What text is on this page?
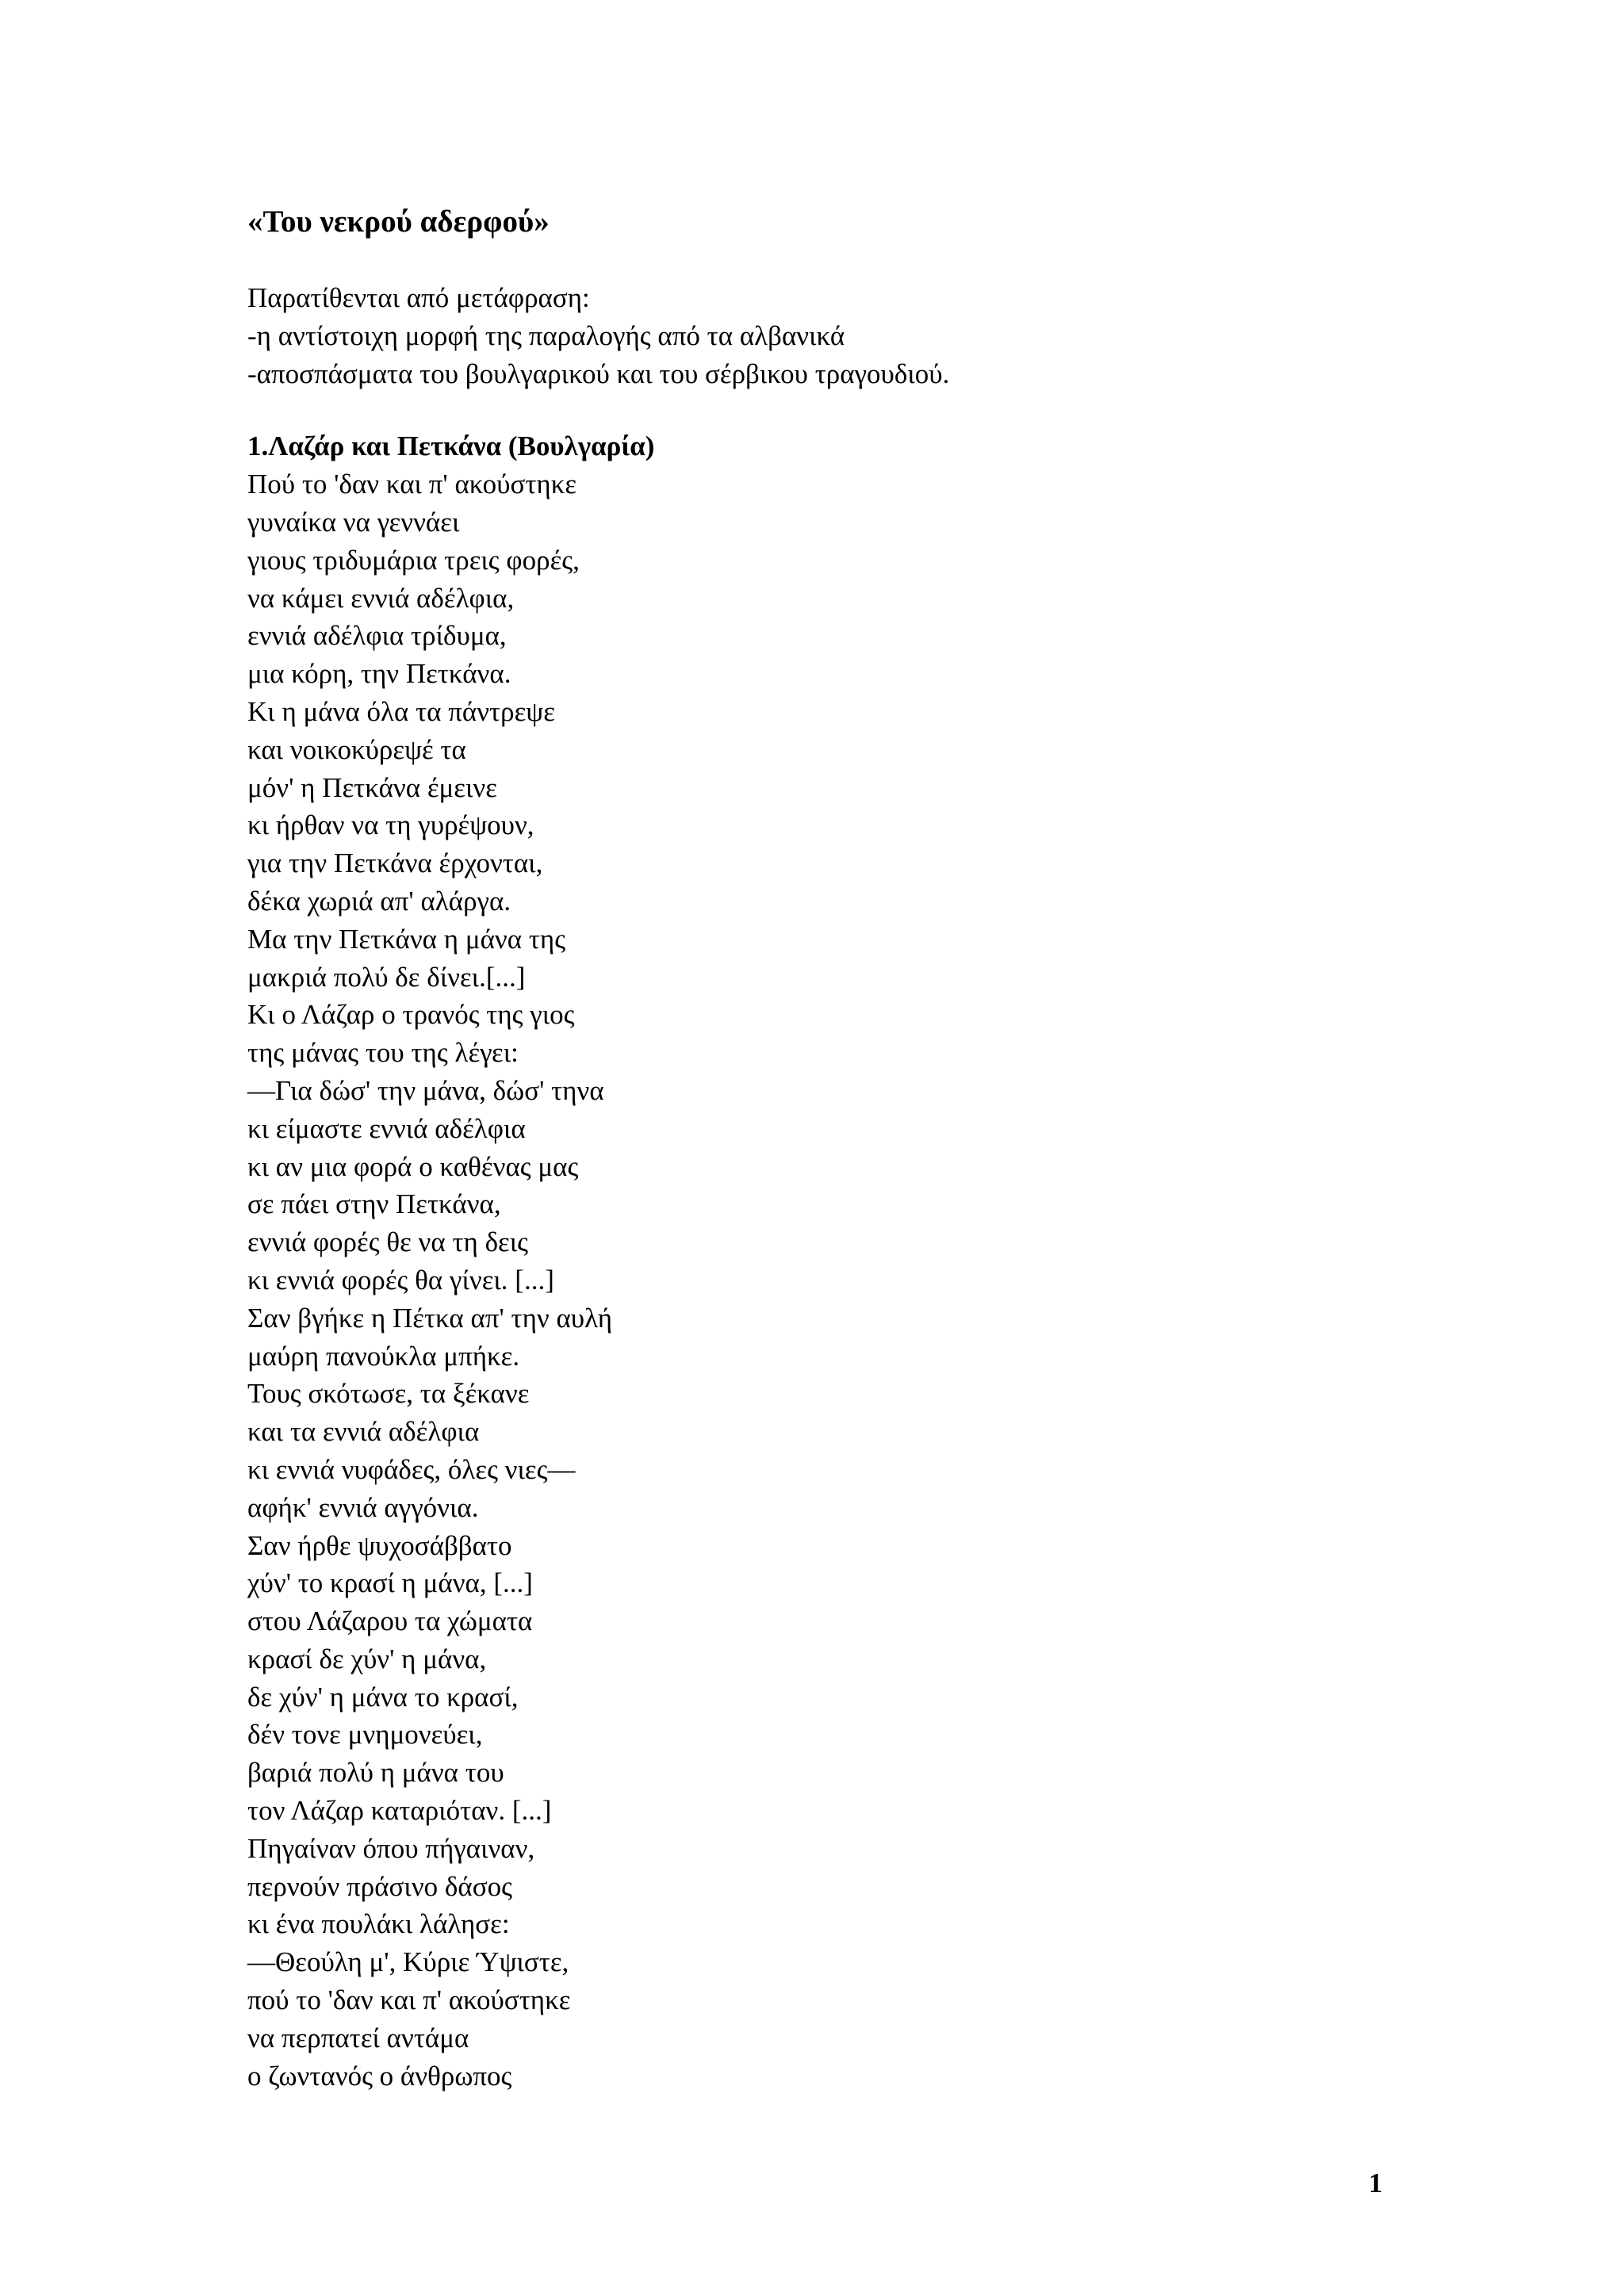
«Του νεκρού αδερφού»

Παρατίθενται από μετάφραση:

-η αντίστοιχη μορφή της παραλογής από τα αλβανικά

-αποσπάσματα του βουλγαρικού και του σέρβικου τραγουδιού.

1.Λαζάρ και Πετκάνα (Βουλγαρία)
Πού το 'δαν και π' ακούστηκε
γυναίκα να γεννάει
γιους τριδυμάρια τρεις φορές,
να κάμει εννιά αδέλφια,
εννιά αδέλφια τρίδυμα,
μια κόρη, την Πετκάνα.
Κι η μάνα όλα τα πάντρεψε
και νοικοκύρεψέ τα
μόν' η Πετκάνα έμεινε
κι ήρθαν να τη γυρέψουν,
για την Πετκάνα έρχονται,
δέκα χωριά απ' αλάργα.
Μα την Πετκάνα η μάνα της
μακριά πολύ δε δίνει.[...]
Κι ο Λάζαρ ο τρανός της γιος
της μάνας του της λέγει:
—Για δώσ' την μάνα, δώσ' τηνα
κι είμαστε εννιά αδέλφια
κι αν μια φορά ο καθένας μας
σε πάει στην Πετκάνα,
εννιά φορές θε να τη δεις
κι εννιά φορές θα γίνει. [...]
Σαν βγήκε η Πέτκα απ' την αυλή
μαύρη πανούκλα μπήκε.
Τους σκότωσε, τα ξέκανε
και τα εννιά αδέλφια
κι εννιά νυφάδες, όλες νιες—
αφήκ' εννιά αγγόνια.
Σαν ήρθε ψυχοσάββατο
χύν' το κρασί η μάνα, [...]
στου Λάζαρου τα χώματα
κρασί δε χύν' η μάνα,
δε χύν' η μάνα το κρασί,
δέν τονε μνημονεύει,
βαριά πολύ η μάνα του
τον Λάζαρ καταριόταν. [...]
Πηγαίναν όπου πήγαιναν,
περνούν πράσινο δάσος
κι ένα πουλάκι λάλησε:
—Θεούλη μ', Κύριε Ύψιστε,
πού το 'δαν και π' ακούστηκε
να περπατεί αντάμα
ο ζωντανός ο άνθρωπος
1
